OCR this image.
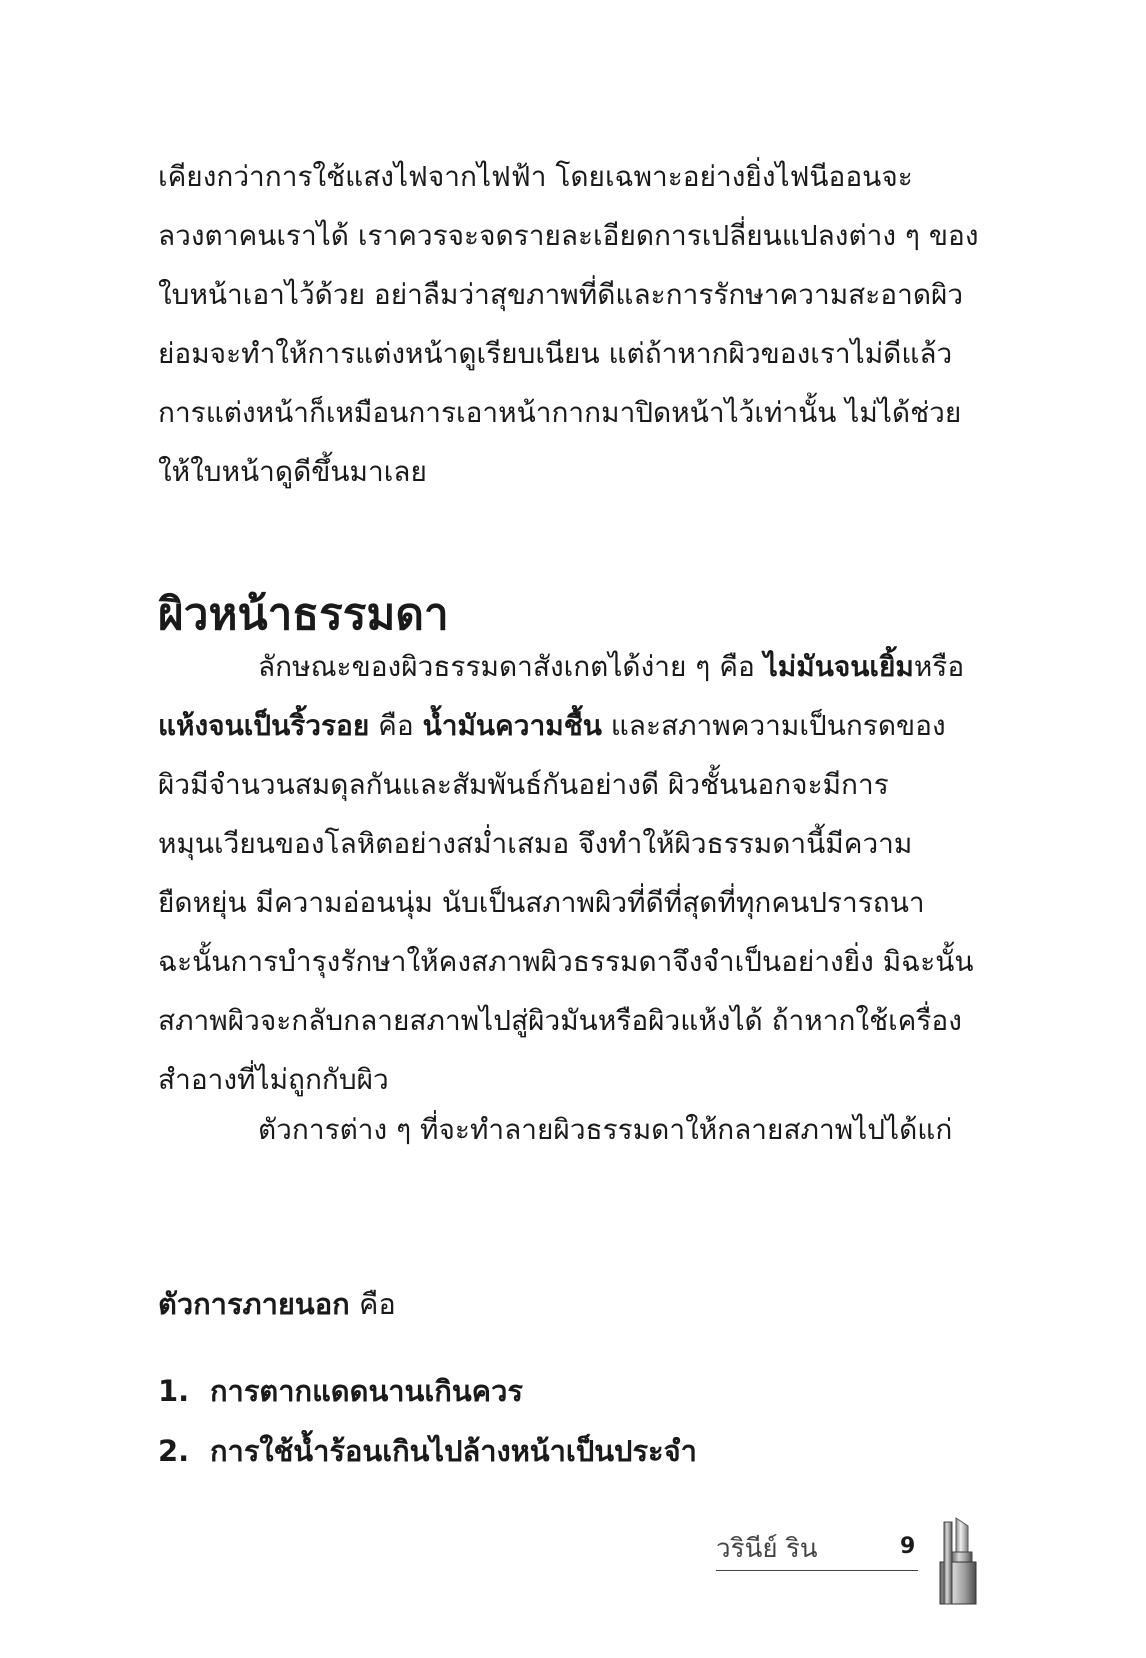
เคียงกว่าการใช้แสงไฟจากไฟฟ้า โดยเฉพาะอย่างยิ่งไฟนีออนจะ
ลวงตาคนเราได้ เราควรจะจดรายละเอียดการเปลี่ยนแปลงต่าง ๆ ของ
ใบหน้าเอาไว้ด้วย อย่าลืมว่าสุขภาพที่ดีและการรักษาความสะอาดผิว
ย่อมจะทำให้การแต่งหน้าดูเรียบเนียน แต่ถ้าหากผิวของเราไม่ดีแล้ว
การแต่งหน้าก็เหมือนการเอาหน้ากากมาปิดหน้าไว้เท่านั้น ไม่ได้ช่วย
ให้ใบหน้าดูดีขึ้นมาเลย

ผิวหน้าธรรมดา

ลักษณะของผิวธรรมดาสังเกตได้ง่าย ๆ คือ ไม่มันจนเยิ้มหรือ
แห้งจนเป็นริ้วรอย คือ น้ำมันความชื้น และสภาพความเป็นกรดของ
ผิวมีจำนวนสมดุลกันและสัมพันธ์กันอย่างดี ผิวชั้นนอกจะมีการ
หมุนเวียนของโลหิตอย่างสม่ำเสมอ จึงทำให้ผิวธรรมดานี้มีความ
ยืดหยุ่น มีความอ่อนนุ่ม นับเป็นสภาพผิวที่ดีที่สุดที่ทุกคนปรารถนา
ฉะนั้นการบำรุงรักษาให้คงสภาพผิวธรรมดาจึงจำเป็นอย่างยิ่ง มิฉะนั้น
สภาพผิวจะกลับกลายสภาพไปสู่ผิวมันหรือผิวแห้งได้ ถ้าหากใช้เครื่อง
สำอางที่ไม่ถูกกับผิว

ตัวการต่าง ๆ ที่จะทำลายผิวธรรมดาให้กลายสภาพไปได้แก่

ตัวการภายนอก คือ

1. การตากแดดนานเกินควร
2. การใช้น้ำร้อนเกินไปล้างหน้าเป็นประจำ
วรินีย์ ริน	9
